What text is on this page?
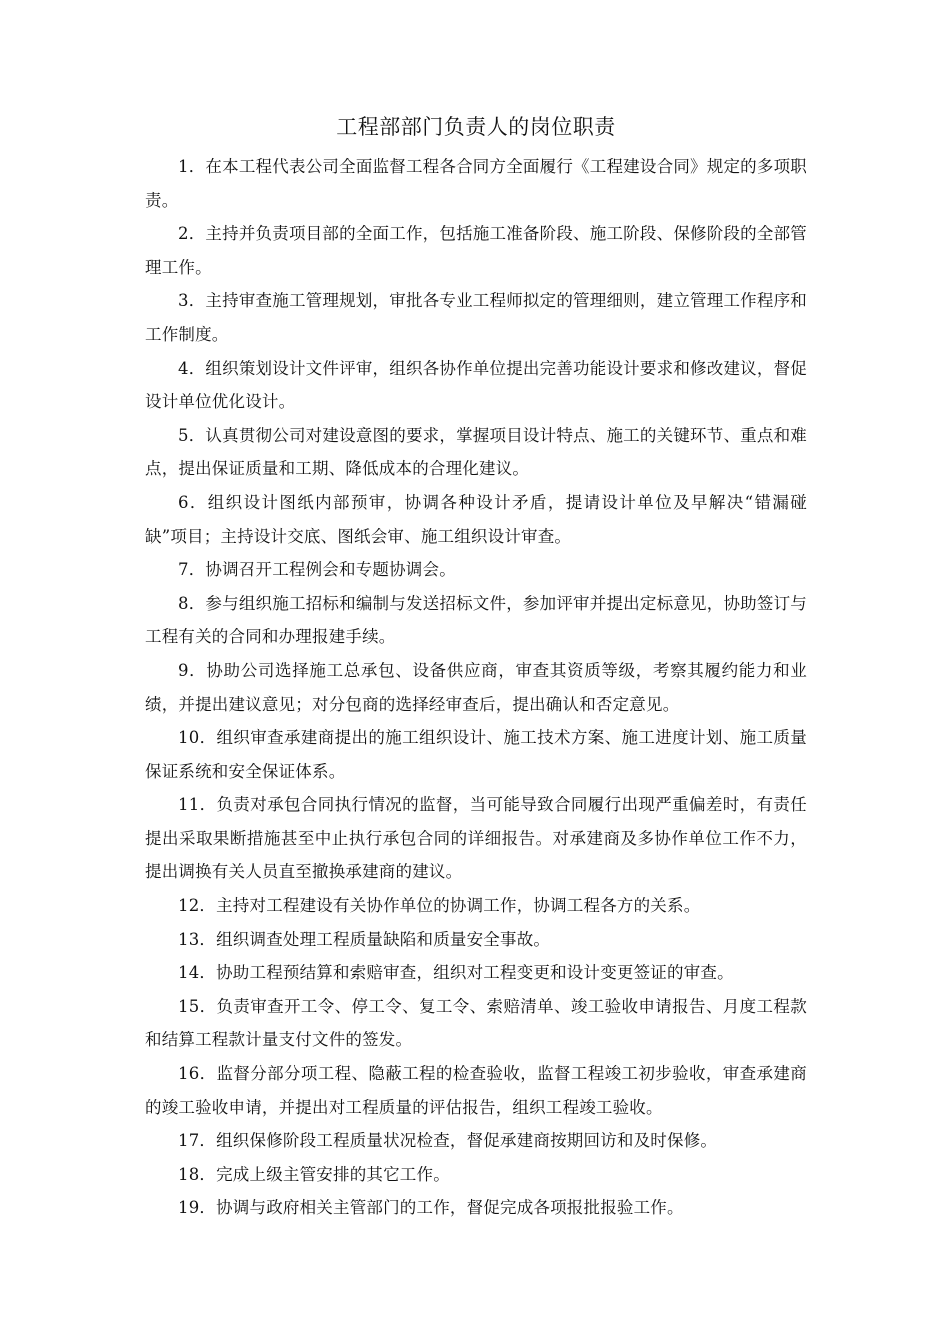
工程部部门负责人的岗位职责

1．在本工程代表公司全面监督工程各合同方全面履行《工程建设合同》规定的多项职责。

2．主持并负责项目部的全面工作，包括施工准备阶段、施工阶段、保修阶段的全部管理工作。

3．主持审查施工管理规划，审批各专业工程师拟定的管理细则，建立管理工作程序和工作制度。

4．组织策划设计文件评审，组织各协作单位提出完善功能设计要求和修改建议，督促设计单位优化设计。

5．认真贯彻公司对建设意图的要求，掌握项目设计特点、施工的关键环节、重点和难点，提出保证质量和工期、降低成本的合理化建议。

6．组织设计图纸内部预审，协调各种设计矛盾，提请设计单位及早解决“错漏碰缺”项目；主持设计交底、图纸会审、施工组织设计审查。

7．协调召开工程例会和专题协调会。

8．参与组织施工招标和编制与发送招标文件，参加评审并提出定标意见，协助签订与工程有关的合同和办理报建手续。

9．协助公司选择施工总承包、设备供应商，审查其资质等级，考察其履约能力和业绩，并提出建议意见；对分包商的选择经审查后，提出确认和否定意见。

10．组织审查承建商提出的施工组织设计、施工技术方案、施工进度计划、施工质量保证系统和安全保证体系。

11．负责对承包合同执行情况的监督，当可能导致合同履行出现严重偏差时，有责任提出采取果断措施甚至中止执行承包合同的详细报告。对承建商及多协作单位工作不力，提出调换有关人员直至撤换承建商的建议。

12．主持对工程建设有关协作单位的协调工作，协调工程各方的关系。

13．组织调查处理工程质量缺陷和质量安全事故。

14．协助工程预结算和索赔审查，组织对工程变更和设计变更签证的审查。

15．负责审查开工令、停工令、复工令、索赔清单、竣工验收申请报告、月度工程款和结算工程款计量支付文件的签发。

16．监督分部分项工程、隐蔽工程的检查验收，监督工程竣工初步验收，审查承建商的竣工验收申请，并提出对工程质量的评估报告，组织工程竣工验收。

17．组织保修阶段工程质量状况检查，督促承建商按期回访和及时保修。

18．完成上级主管安排的其它工作。

19．协调与政府相关主管部门的工作，督促完成各项报批报验工作。
